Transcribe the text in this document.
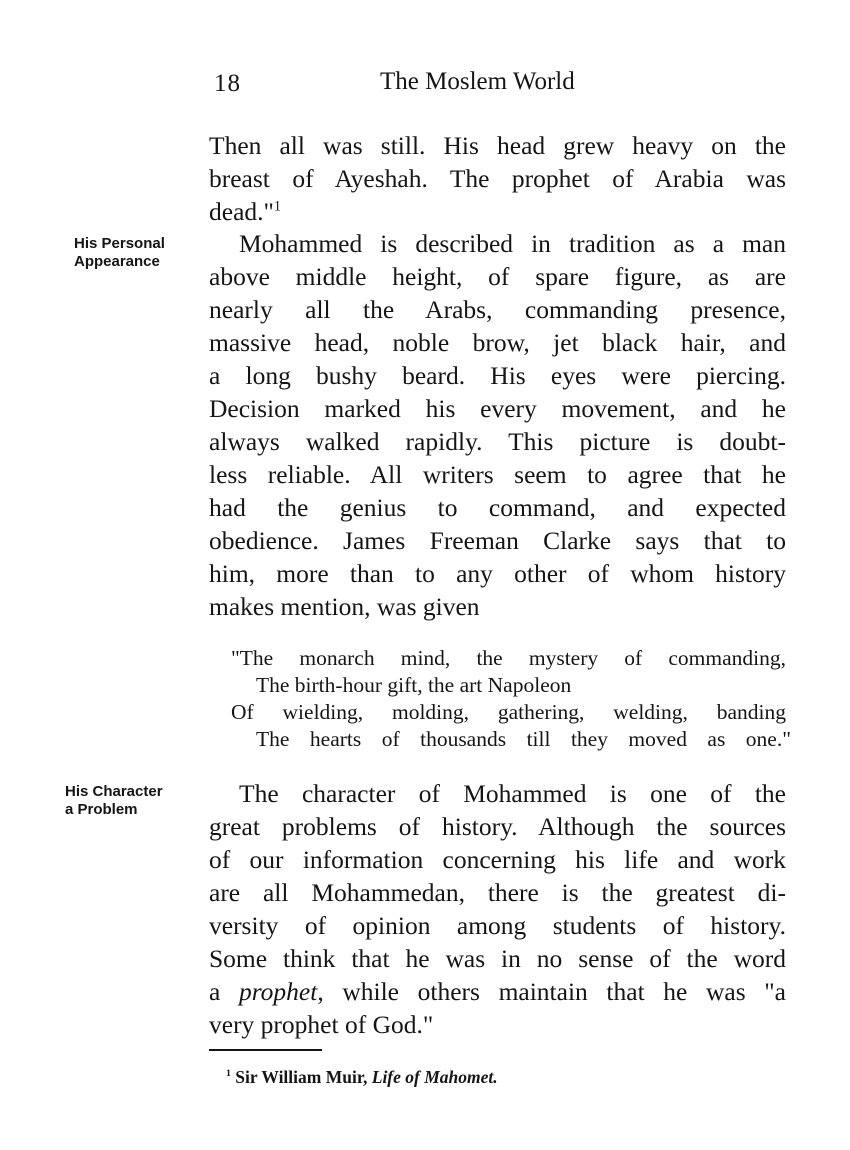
18	The Moslem World
Then all was still. His head grew heavy on the
breast of Ayeshah. The prophet of Arabia was
dead."$^1$
His Personal
Appearance
Mohammed is described in tradition as a man
above middle height, of spare figure, as are
nearly all the Arabs, commanding presence,
massive head, noble brow, jet black hair, and
a long bushy beard. His eyes were piercing.
Decision marked his every movement, and he
always walked rapidly. This picture is doubt-
less reliable. All writers seem to agree that he
had the genius to command, and expected
obedience. James Freeman Clarke says that to
him, more than to any other of whom history
makes mention, was given
"The monarch mind, the mystery of commanding,
The birth-hour gift, the art Napoleon
Of wielding, molding, gathering, welding, banding
The hearts of thousands till they moved as one."
His Character
a Problem
The character of Mohammed is one of the
great problems of history. Although the sources
of our information concerning his life and work
are all Mohammedan, there is the greatest di-
versity of opinion among students of history.
Some think that he was in no sense of the word
a prophet, while others maintain that he was "a
very prophet of God."
$^1$ Sir William Muir, Life of Mahomet.
